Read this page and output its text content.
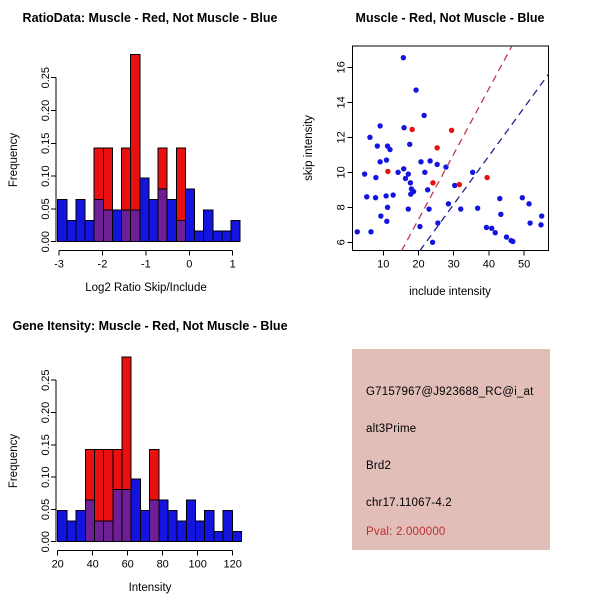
-3	-2	-1	0	1
0.00
0.05
0.10
0.15
0.20
0.25
RatioData: Muscle - Red, Not Muscle - Blue
Log2 Ratio Skip/Include
Frequency
10 20 30 40 50
6
8
10
12
14
16
Muscle - Red, Not Muscle - Blue
include intensity
skip intensity
20 40 60 80 100 120
0.00
0.05
0.10
0.15
0.20
0.25
Gene Itensity: Muscle - Red, Not Muscle - Blue
Intensity
Frequency
G7157967@J923688_RC@i_at
alt3Prime
Brd2
chr17.11067-4.2
Pval: 2.000000
